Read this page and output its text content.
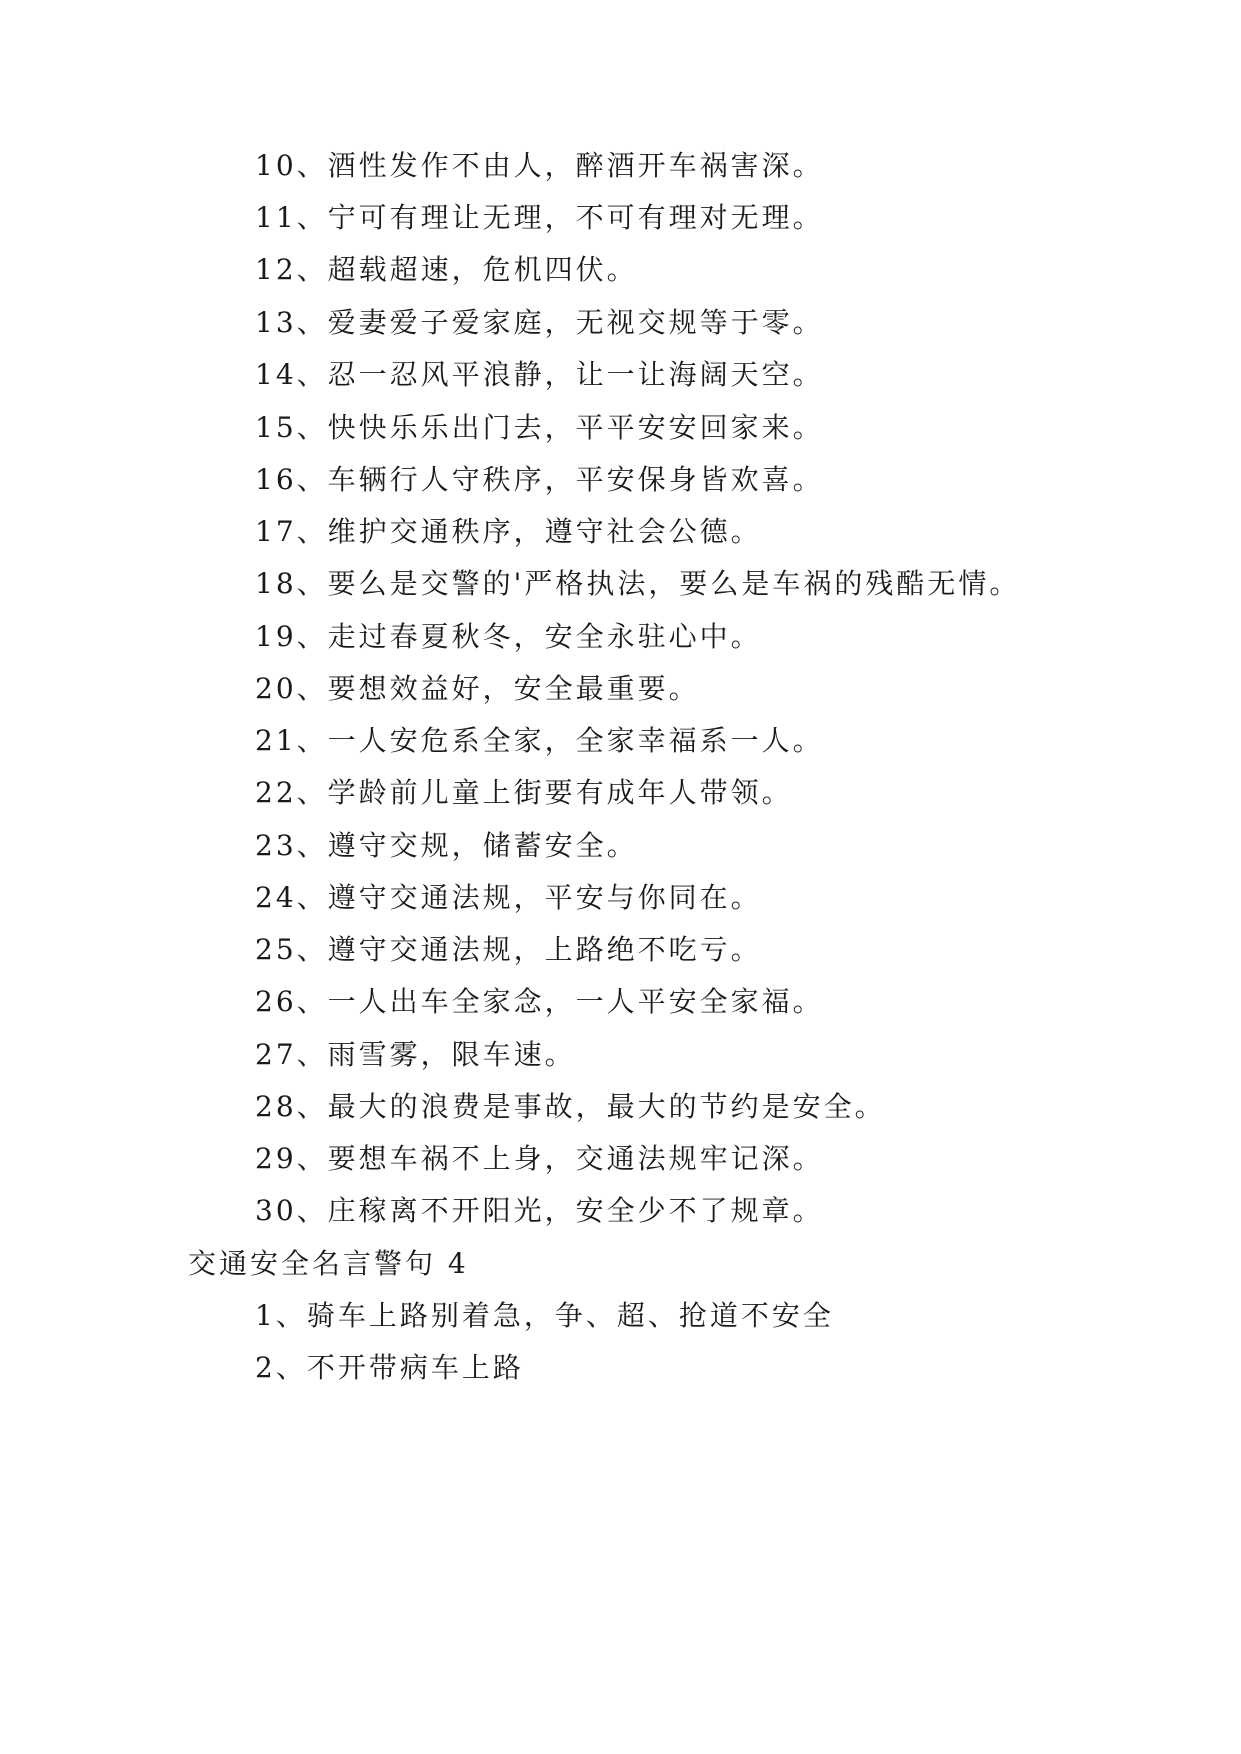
10、酒性发作不由人，醉酒开车祸害深。
11、宁可有理让无理，不可有理对无理。
12、超载超速，危机四伏。
13、爱妻爱子爱家庭，无视交规等于零。
14、忍一忍风平浪静，让一让海阔天空。
15、快快乐乐出门去，平平安安回家来。
16、车辆行人守秩序，平安保身皆欢喜。
17、维护交通秩序，遵守社会公德。
18、要么是交警的'严格执法，要么是车祸的残酷无情。
19、走过春夏秋冬，安全永驻心中。
20、要想效益好，安全最重要。
21、一人安危系全家，全家幸福系一人。
22、学龄前儿童上街要有成年人带领。
23、遵守交规，储蓄安全。
24、遵守交通法规，平安与你同在。
25、遵守交通法规，上路绝不吃亏。
26、一人出车全家念，一人平安全家福。
27、雨雪雾，限车速。
28、最大的浪费是事故，最大的节约是安全。
29、要想车祸不上身，交通法规牢记深。
30、庄稼离不开阳光，安全少不了规章。
交通安全名言警句 4
1、骑车上路别着急，争、超、抢道不安全
2、不开带病车上路
